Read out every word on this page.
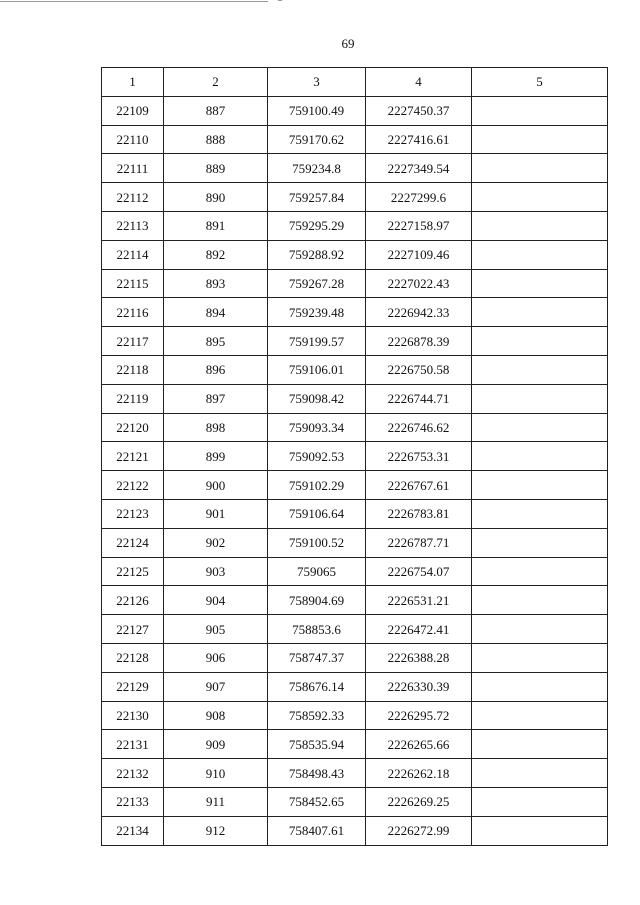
69
1	2	3	4	5
22109	887	759100.49	2227450.37	
22110	888	759170.62	2227416.61	
22111	889	759234.8	2227349.54	
22112	890	759257.84	2227299.6	
22113	891	759295.29	2227158.97	
22114	892	759288.92	2227109.46	
22115	893	759267.28	2227022.43	
22116	894	759239.48	2226942.33	
22117	895	759199.57	2226878.39	
22118	896	759106.01	2226750.58	
22119	897	759098.42	2226744.71	
22120	898	759093.34	2226746.62	
22121	899	759092.53	2226753.31	
22122	900	759102.29	2226767.61	
22123	901	759106.64	2226783.81	
22124	902	759100.52	2226787.71	
22125	903	759065	2226754.07	
22126	904	758904.69	2226531.21	
22127	905	758853.6	2226472.41	
22128	906	758747.37	2226388.28	
22129	907	758676.14	2226330.39	
22130	908	758592.33	2226295.72	
22131	909	758535.94	2226265.66	
22132	910	758498.43	2226262.18	
22133	911	758452.65	2226269.25	
22134	912	758407.61	2226272.99	
